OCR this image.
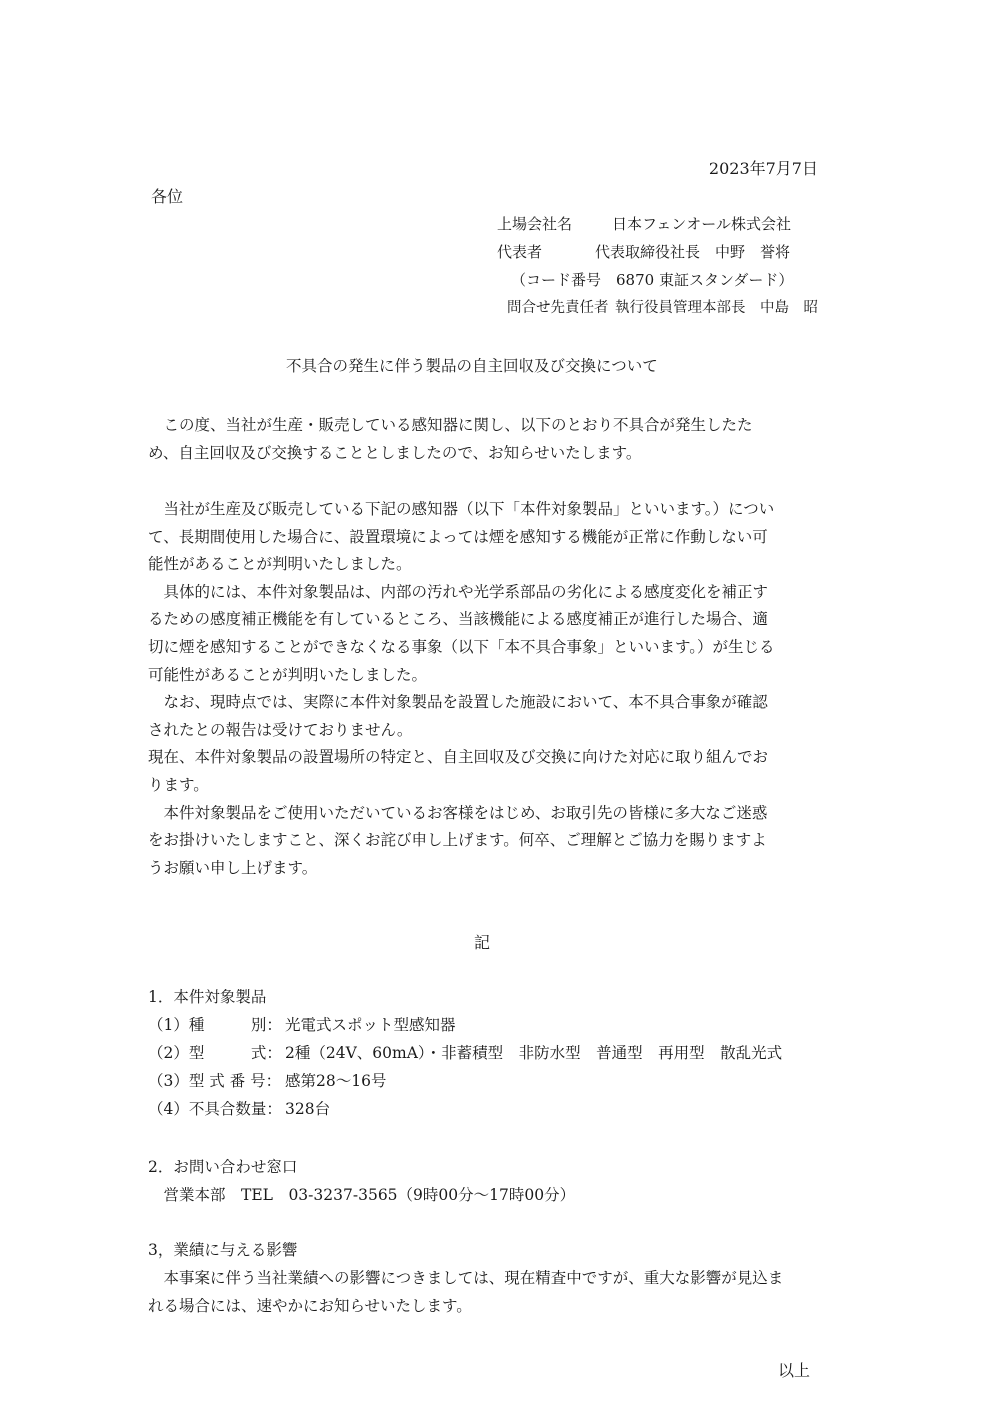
2023年7月7日
各位
上場会社名	日本フェンオール株式会社
代表者	代表取締役社長　中野　誉将
（コード番号　6870 東証スタンダード）
問合せ先責任者 執行役員管理本部長　中島　昭
不具合の発生に伴う製品の自主回収及び交換について

　この度、当社が生産・販売している感知器に関し、以下のとおり不具合が発生したた

め、自主回収及び交換することとしましたので、お知らせいたします。

　当社が生産及び販売している下記の感知器（以下「本件対象製品」といいます。）につい

て、長期間使用した場合に、設置環境によっては煙を感知する機能が正常に作動しない可

能性があることが判明いたしました。

　具体的には、本件対象製品は、内部の汚れや光学系部品の劣化による感度変化を補正す

るための感度補正機能を有しているところ、当該機能による感度補正が進行した場合、適

切に煙を感知することができなくなる事象（以下「本不具合事象」といいます。）が生じる

可能性があることが判明いたしました。

　なお、現時点では、実際に本件対象製品を設置した施設において、本不具合事象が確認

されたとの報告は受けておりません。

現在、本件対象製品の設置場所の特定と、自主回収及び交換に向けた対応に取り組んでお

ります。

　本件対象製品をご使用いただいているお客様をはじめ、お取引先の皆様に多大なご迷惑

をお掛けいたしますこと、深くお詫び申し上げます。何卒、ご理解とご協力を賜りますよ

うお願い申し上げます。

記
1．本件対象製品
（1）種　　　別： 光電式スポット型感知器
（2）型　　　式： 2種（24V、60mA）・非蓄積型　非防水型　普通型　再用型　散乱光式
（3）型 式 番 号： 感第28～16号
（4）不具合数量： 328台
2．お問い合わせ窓口
　営業本部　TEL　03-3237-3565（9時00分～17時00分）
3，業績に与える影響
　本事案に伴う当社業績への影響につきましては、現在精査中ですが、重大な影響が見込ま
れる場合には、速やかにお知らせいたします。
以上
